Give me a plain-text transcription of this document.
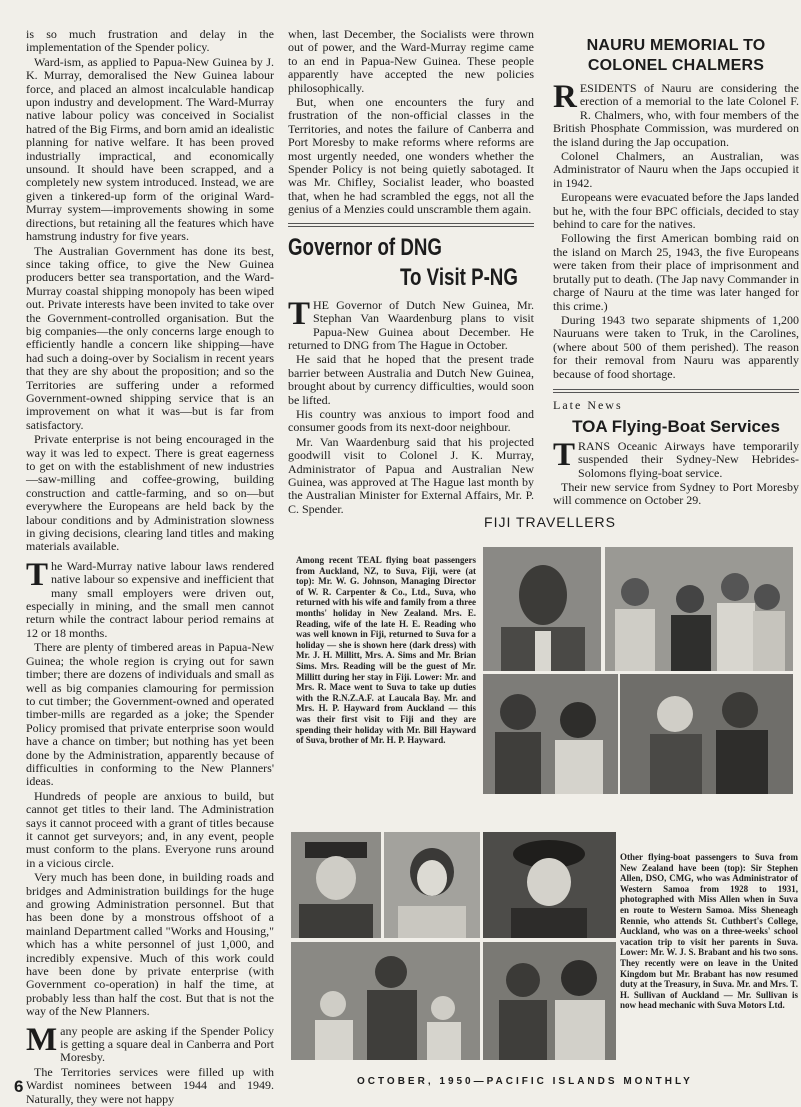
is so much frustration and delay in the implementation of the Spender policy.

Ward-ism, as applied to Papua-New Guinea by J. K. Murray, demoralised the New Guinea labour force, and placed an almost incalculable handicap upon industry and development. The Ward-Murray native labour policy was conceived in Socialist hatred of the Big Firms, and born amid an idealistic planning for native welfare. It has been proved industrially impractical, and economically unsound. It should have been scrapped, and a completely new system introduced. Instead, we are given a tinkered-up form of the original Ward-Murray system—improvements showing in some directions, but retaining all the features which have hamstrung industry for five years.

The Australian Government has done its best, since taking office, to give the New Guinea producers better sea transportation, and the Ward-Murray coastal shipping monopoly has been wiped out. Private interests have been invited to take over the Government-controlled organisation. But the big companies—the only concerns large enough to efficiently handle a concern like shipping—have had such a doing-over by Socialism in recent years that they are shy about the proposition; and so the Territories are suffering under a reformed Government-owned shipping service that is an improvement on what it was—but is far from satisfactory.

Private enterprise is not being encouraged in the way it was led to expect. There is great eagerness to get on with the establishment of new industries—saw-milling and coffee-growing, building construction and cattle-farming, and so on—but everywhere the Europeans are held back by the labour conditions and by Administration slowness in giving decisions, clearing land titles and making materials available.

The Ward-Murray native labour laws rendered native labour so expensive and inefficient that many small employers were driven out, especially in mining, and the small men cannot return while the contract labour period remains at 12 or 18 months.

There are plenty of timbered areas in Papua-New Guinea; the whole region is crying out for sawn timber; there are dozens of individuals and small as well as big companies clamouring for permission to cut timber; the Government-owned and operated timber-mills are regarded as a joke; the Spender Policy promised that private enterprise soon would have a chance on timber; but nothing has yet been done by the Administration, apparently because of difficulties in conforming to the New Planners' ideas.

Hundreds of people are anxious to build, but cannot get titles to their land. The Administration says it cannot proceed with a grant of titles because it cannot get surveyors; and, in any event, people must conform to the plans. Everyone runs around in a vicious circle.

Very much has been done, in building roads and bridges and Administration buildings for the huge and growing Administration personnel. But that has been done by a monstrous offshoot of a mainland Department called "Works and Housing," which has a white personnel of just 1,000, and incredibly expensive. Much of this work could have been done by private enterprise (with Government co-operation) in half the time, at probably less than half the cost. But that is not the way of the New Planners.

Many people are asking if the Spender Policy is getting a square deal in Canberra and Port Moresby.

The Territories services were filled up with Wardist nominees between 1944 and 1949. Naturally, they were not happy

when, last December, the Socialists were thrown out of power, and the Ward-Murray regime came to an end in Papua-New Guinea. These people apparently have accepted the new policies philosophically.

But, when one encounters the fury and frustration of the non-official classes in the Territories, and notes the failure of Canberra and Port Moresby to make reforms where reforms are most urgently needed, one wonders whether the Spender Policy is not being quietly sabotaged. It was Mr. Chifley, Socialist leader, who boasted that, when he had scrambled the eggs, not all the genius of a Menzies could unscramble them again.

Governor of DNG
To Visit P-NG

THE Governor of Dutch New Guinea, Mr. Stephan Van Waardenburg plans to visit Papua-New Guinea about December. He returned to DNG from The Hague in October.

He said that he hoped that the present trade barrier between Australia and Dutch New Guinea, brought about by currency difficulties, would soon be lifted.

His country was anxious to import food and consumer goods from its next-door neighbour.

Mr. Van Waardenburg said that his projected goodwill visit to Colonel J. K. Murray, Administrator of Papua and Australian New Guinea, was approved at The Hague last month by the Australian Minister for External Affairs, Mr. P. C. Spender.

NAURU MEMORIAL TO COLONEL CHALMERS

RESIDENTS of Nauru are considering the erection of a memorial to the late Colonel F. R. Chalmers, who, with four members of the British Phosphate Commission, was murdered on the island during the Jap occupation.

Colonel Chalmers, an Australian, was Administrator of Nauru when the Japs occupied it in 1942.

Europeans were evacuated before the Japs landed but he, with the four BPC officials, decided to stay behind to care for the natives.

Following the first American bombing raid on the island on March 25, 1943, the five Europeans were taken from their place of imprisonment and brutally put to death. (The Jap navy Commander in charge of Nauru at the time was later hanged for this crime.)

During 1943 two separate shipments of 1,200 Nauruans were taken to Truk, in the Carolines, (where about 500 of them perished). The reason for their removal from Nauru was apparently because of food shortage.

Late News
TOA Flying-Boat Services

TRANS Oceanic Airways have temporarily suspended their Sydney-New Hebrides-Solomons flying-boat service.

Their new service from Sydney to Port Moresby will commence on October 29.

FIJI TRAVELLERS
Among recent TEAL flying boat passengers from Auckland, NZ, to Suva, Fiji, were (at top): Mr. W. G. Johnson, Managing Director of W. R. Carpenter & Co., Ltd., Suva, who returned with his wife and family from a three months' holiday in New Zealand. Mrs. E. Reading, wife of the late H. E. Reading who was well known in Fiji, returned to Suva for a holiday — she is shown here (dark dress) with Mr. J. H. Millitt, Mrs. A. Sims and Mr. Brian Sims. Mrs. Reading will be the guest of Mr. Millitt during her stay in Fiji. Lower: Mr. and Mrs. R. Mace went to Suva to take up duties with the R.N.Z.A.F. at Laucala Bay. Mr. and Mrs. H. P. Hayward from Auckland — this was their first visit to Fiji and they are spending their holiday with Mr. Bill Hayward of Suva, brother of Mr. H. P. Hayward.
Other flying-boat passengers to Suva from New Zealand have been (top): Sir Stephen Allen, DSO, CMG, who was Administrator of Western Samoa from 1928 to 1931, photographed with Miss Allen when in Suva en route to Western Samoa. Miss Sheneagh Rennie, who attends St. Cuthbert's College, Auckland, who was on a three-weeks' school vacation trip to visit her parents in Suva. Lower: Mr. W. J. S. Brabant and his two sons. They recently were on leave in the United Kingdom but Mr. Brabant has now resumed duty at the Treasury, in Suva. Mr. and Mrs. T. H. Sullivan of Auckland — Mr. Sullivan is now head mechanic with Suva Motors Ltd.
6	OCTOBER, 1950—PACIFIC ISLANDS MONTHLY
